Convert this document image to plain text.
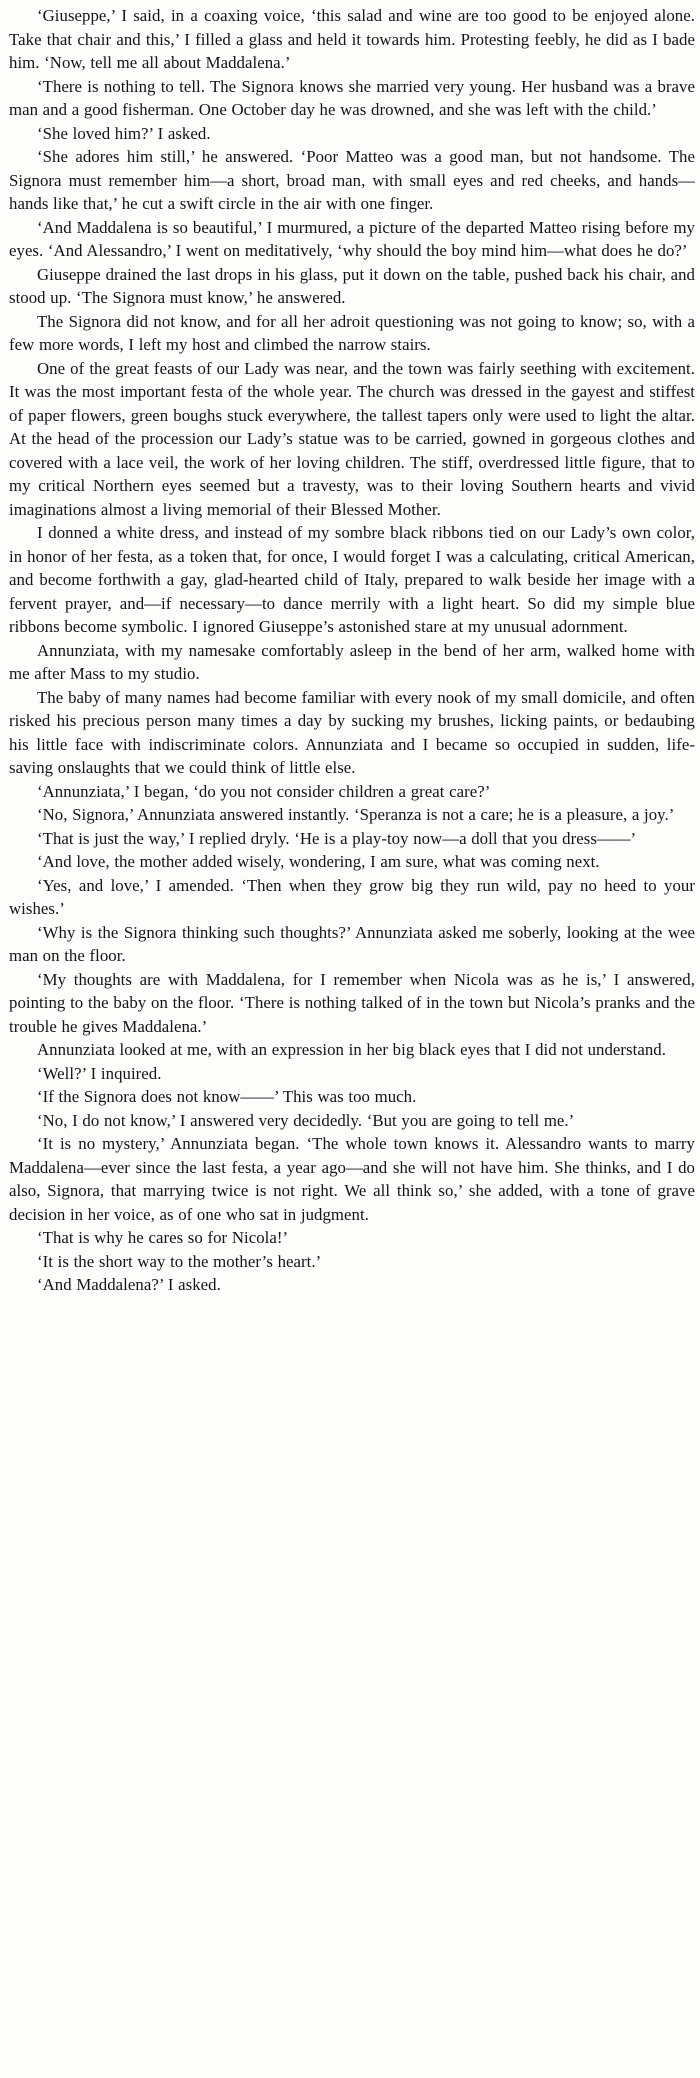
‘Giuseppe,’ I said, in a coaxing voice, ‘this salad and wine are too good to be enjoyed alone. Take that chair and this,’ I filled a glass and held it towards him. Protesting feebly, he did as I bade him. ‘Now, tell me all about Maddalena.’

‘There is nothing to tell. The Signora knows she married very young. Her husband was a brave man and a good fisherman. One October day he was drowned, and she was left with the child.’

‘She loved him?’ I asked.

‘She adores him still,’ he answered. ‘Poor Matteo was a good man, but not handsome. The Signora must remember him—a short, broad man, with small eyes and red cheeks, and hands—hands like that,’ he cut a swift circle in the air with one finger.

‘And Maddalena is so beautiful,’ I murmured, a picture of the departed Matteo rising before my eyes. ‘And Alessandro,’ I went on meditatively, ‘why should the boy mind him—what does he do?’

Giuseppe drained the last drops in his glass, put it down on the table, pushed back his chair, and stood up. ‘The Signora must know,’ he answered.

The Signora did not know, and for all her adroit questioning was not going to know; so, with a few more words, I left my host and climbed the narrow stairs.

One of the great feasts of our Lady was near, and the town was fairly seething with excitement. It was the most important festa of the whole year. The church was dressed in the gayest and stiffest of paper flowers, green boughs stuck everywhere, the tallest tapers only were used to light the altar. At the head of the procession our Lady’s statue was to be carried, gowned in gorgeous clothes and covered with a lace veil, the work of her loving children. The stiff, overdressed little figure, that to my critical Northern eyes seemed but a travesty, was to their loving Southern hearts and vivid imaginations almost a living memorial of their Blessed Mother.

I donned a white dress, and instead of my sombre black ribbons tied on our Lady’s own color, in honor of her festa, as a token that, for once, I would forget I was a calculating, critical American, and become forthwith a gay, glad-hearted child of Italy, prepared to walk beside her image with a fervent prayer, and—if necessary—to dance merrily with a light heart. So did my simple blue ribbons become symbolic. I ignored Giuseppe’s astonished stare at my unusual adornment.

Annunziata, with my namesake comfortably asleep in the bend of her arm, walked home with me after Mass to my studio.

The baby of many names had become familiar with every nook of my small domicile, and often risked his precious person many times a day by sucking my brushes, licking paints, or bedaubing his little face with indiscriminate colors. Annunziata and I became so occupied in sudden, life-saving onslaughts that we could think of little else.

‘Annunziata,’ I began, ‘do you not consider children a great care?’

‘No, Signora,’ Annunziata answered instantly. ‘Speranza is not a care; he is a pleasure, a joy.’

‘That is just the way,’ I replied dryly. ‘He is a play-toy now—a doll that you dress——’

‘And love, the mother added wisely, wondering, I am sure, what was coming next.

‘Yes, and love,’ I amended. ‘Then when they grow big they run wild, pay no heed to your wishes.’

‘Why is the Signora thinking such thoughts?’ Annunziata asked me soberly, looking at the wee man on the floor.

‘My thoughts are with Maddalena, for I remember when Nicola was as he is,’ I answered, pointing to the baby on the floor. ‘There is nothing talked of in the town but Nicola’s pranks and the trouble he gives Maddalena.’

Annunziata looked at me, with an expression in her big black eyes that I did not understand.

‘Well?’ I inquired.

‘If the Signora does not know——’ This was too much.

‘No, I do not know,’ I answered very decidedly. ‘But you are going to tell me.’

‘It is no mystery,’ Annunziata began. ‘The whole town knows it. Alessandro wants to marry Maddalena—ever since the last festa, a year ago—and she will not have him. She thinks, and I do also, Signora, that marrying twice is not right. We all think so,’ she added, with a tone of grave decision in her voice, as of one who sat in judgment.

‘That is why he cares so for Nicola!’

‘It is the short way to the mother’s heart.’

‘And Maddalena?’ I asked.
